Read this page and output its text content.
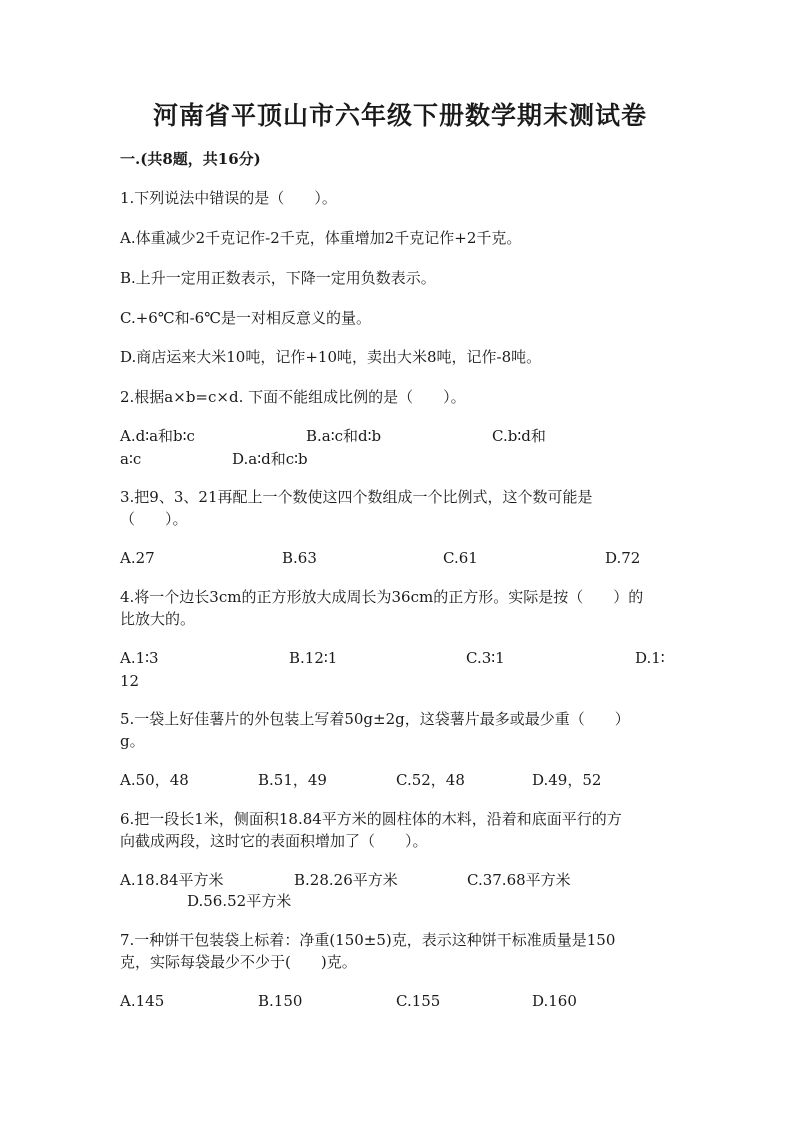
河南省平顶山市六年级下册数学期末测试卷
一.(共8题，共16分)
1.下列说法中错误的是（　　）。
A.体重减少2千克记作-2千克，体重增加2千克记作+2千克。
B.上升一定用正数表示，下降一定用负数表示。
C.+6℃和-6℃是一对相反意义的量。
D.商店运来大米10吨，记作+10吨，卖出大米8吨，记作-8吨。
2.根据a×b=c×d. 下面不能组成比例的是（　　）。
A.d∶a和b∶c	B.a∶c和d∶b	C.b∶d和
a∶c	D.a∶d和c∶b
3.把9、3、21再配上一个数使这四个数组成一个比例式，这个数可能是
（　　）。
A.27	B.63	C.61	D.72
4.将一个边长3cm的正方形放大成周长为36cm的正方形。实际是按（　　）的
比放大的。
A.1∶3	B.12∶1	C.3∶1	D.1∶
12
5.一袋上好佳薯片的外包装上写着50g±2g，这袋薯片最多或最少重（　　）
g。
A.50，48	B.51，49	C.52，48	D.49，52
6.把一段长1米，侧面积18.84平方米的圆柱体的木料，沿着和底面平行的方
向截成两段，这时它的表面积增加了（　　）。
A.18.84平方米	B.28.26平方米	C.37.68平方米
D.56.52平方米
7.一种饼干包装袋上标着：净重(150±5)克，表示这种饼干标准质量是150
克，实际每袋最少不少于(　　)克。
A.145	B.150	C.155	D.160
